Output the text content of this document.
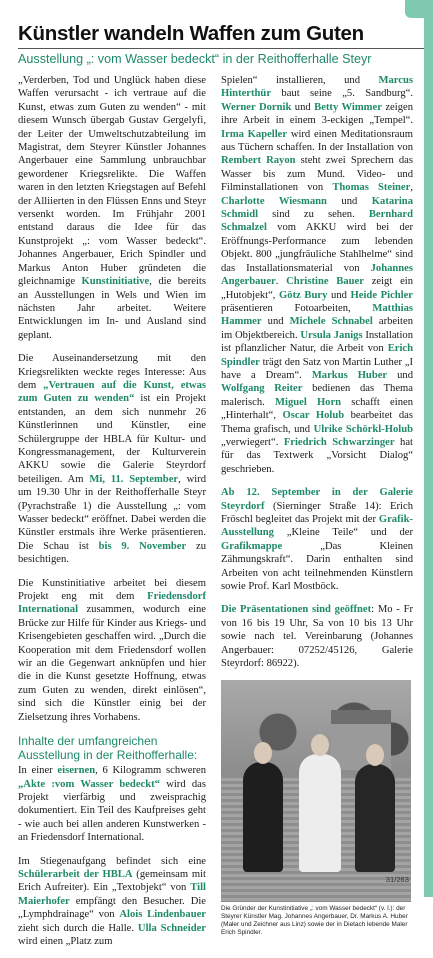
Künstler wandeln Waffen zum Guten
Ausstellung „: vom Wasser bedeckt“ in der Reithofferhalle Steyr

„Verderben, Tod und Unglück haben diese Waffen verursacht - ich vertraue auf die Kunst, etwas zum Guten zu wenden“ - mit diesem Wunsch übergab Gustav Gergelyfi, der Leiter der Umweltschutzabteilung im Magistrat, dem Steyrer Künstler Johannes Angerbauer eine Sammlung unbrauchbar gewordener Kriegsrelikte. Die Waffen waren in den letzten Kriegstagen auf Befehl der Alliierten in den Flüssen Enns und Steyr versenkt worden. Im Frühjahr 2001 entstand daraus die Idee für das Kunstprojekt „: vom Wasser bedeckt“. Johannes Angerbauer, Erich Spindler und Markus Anton Huber gründeten die gleichnamige Kunstinitiative, die bereits an Ausstellungen in Wels und Wien im nächsten Jahr arbeitet. Weitere Entwicklungen im In- und Ausland sind geplant.

Die Auseinandersetzung mit den Kriegsrelikten weckte reges Interesse: Aus dem „Vertrauen auf die Kunst, etwas zum Guten zu wenden“ ist ein Projekt entstanden, an dem sich nunmehr 26 Künstlerinnen und Künstler, eine Schülergruppe der HBLA für Kultur- und Kongressmanagement, der Kulturverein AKKU sowie die Galerie Steyrdorf beteiligen. Am Mi, 11. September, wird um 19.30 Uhr in der Reithofferhalle Steyr (Pyrachstraße 1) die Ausstellung „: vom Wasser bedeckt“ eröffnet. Dabei werden die Künstler erstmals ihre Werke präsentieren. Die Schau ist bis 9. November zu besichtigen.

Die Kunstinitiative arbeitet bei diesem Projekt eng mit dem Friedensdorf International zusammen, wodurch eine Brücke zur Hilfe für Kinder aus Kriegs- und Krisengebieten geschaffen wird. „Durch die Kooperation mit dem Friedensdorf wollen wir an die Gegenwart anknüpfen und hier die in die Kunst gesetzte Hoffnung, etwas zum Guten zu wenden, direkt einlösen“, sind sich die Künstler einig bei der Zielsetzung ihres Vorhabens.

Inhalte der umfangreichen Ausstellung in der Reithofferhalle:

In einer eisernen, 6 Kilogramm schweren „Akte :vom Wasser bedeckt“ wird das Projekt vierfärbig und zweisprachig dokumentiert. Ein Teil des Kaufpreises geht - wie auch bei allen anderen Kunstwerken - an Friedensdorf International.

Im Stiegenaufgang befindet sich eine Schülerarbeit der HBLA (gemeinsam mit Erich Aufreiter). Ein „Textobjekt“ von Till Maierhofer empfängt den Besucher. Die „Lymphdrainage“ von Alois Lindenbauer zieht sich durch die Halle. Ulla Schneider wird einen „Platz zum

Spielen“ installieren, und Marcus Hinterthür baut seine „5. Sandburg“. Werner Dornik und Betty Wimmer zeigen ihre Arbeit in einem 3-eckigen „Tempel“. Irma Kapeller wird einen Meditationsraum aus Tüchern schaffen. In der Installation von Rembert Rayon steht zwei Sprechern das Wasser bis zum Mund. Video- und Filminstallationen von Thomas Steiner, Charlotte Wiesmann und Katarina Schmidl sind zu sehen. Bernhard Schmalzel vom AKKU wird bei der Eröffnungs-Performance zum lebenden Objekt. 800 „jungfräuliche Stahlhelme“ sind das Installationsmaterial von Johannes Angerbauer. Christine Bauer zeigt ein „Hutobjekt“, Götz Bury und Heide Pichler präsentieren Fotoarbeiten, Matthias Hammer und Michele Schnabel arbeiten im Objektbereich. Ursula Janigs Installation ist pflanzlicher Natur, die Arbeit von Erich Spindler trägt den Satz von Martin Luther „I have a Dream“. Markus Huber und Wolfgang Reiter bedienen das Thema malerisch. Miguel Horn schafft einen „Hinterhalt“, Oscar Holub bearbeitet das Thema grafisch, und Ulrike Schörkl-Holub „verwiegert“. Friedrich Schwarzinger hat für das Textwerk „Vorsicht Dialog“ geschrieben.

Ab 12. September in der Galerie Steyrdorf (Sierninger Straße 14): Erich Fröschl begleitet das Projekt mit der Grafik-Ausstellung „Kleine Teile“ und der Grafikmappe „Das Kleinen Zähmungskraft“. Darin enthalten sind Arbeiten von acht teilnehmenden Künstlern sowie Prof. Karl Mostböck.

Die Präsentationen sind geöffnet: Mo - Fr von 16 bis 19 Uhr, Sa von 10 bis 13 Uhr sowie nach tel. Vereinbarung (Johannes Angerbauer: 07252/45126, Galerie Steyrdorf: 86922).

Die Gründer der Kunstinitiative „: vom Wasser bedeckt“ (v. l.): der Steyrer Künstler Mag. Johannes Angerbauer, Dr. Markus A. Huber (Maler und Zeichner aus Linz) sowie der in Dietach lebende Maler Erich Spindler.
31/263
